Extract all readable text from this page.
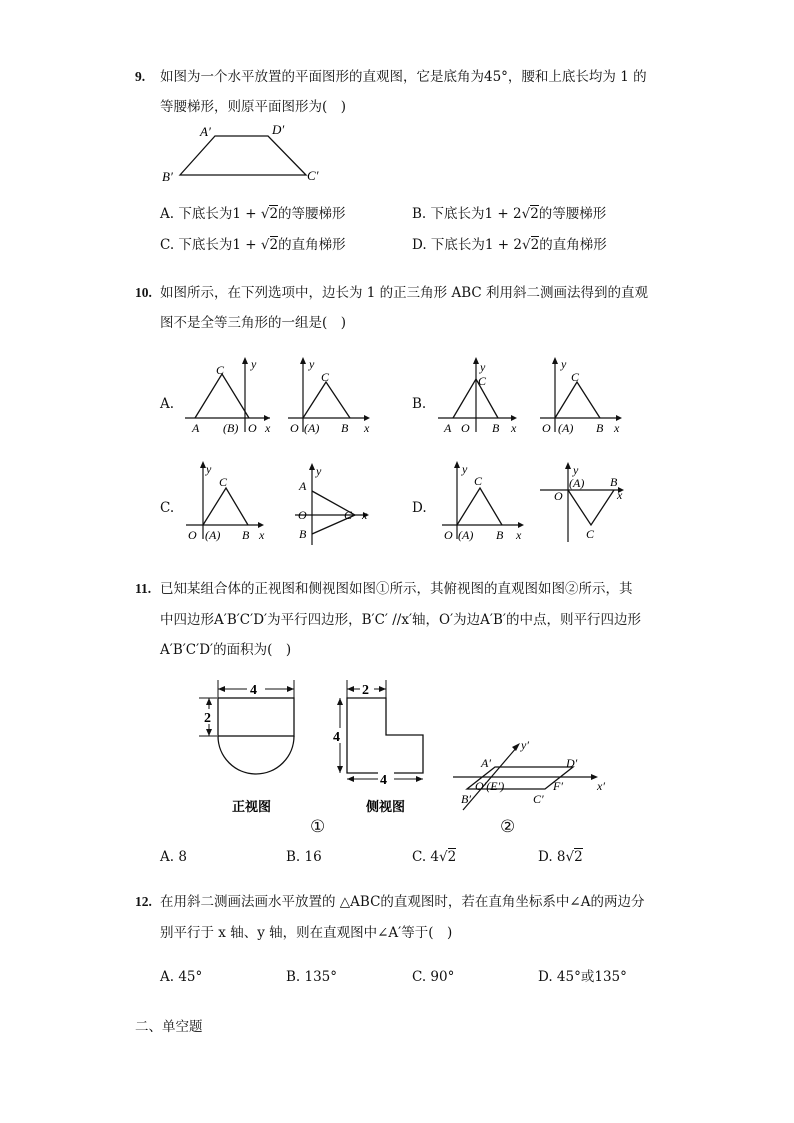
9. 如图为一个水平放置的平面图形的直观图，它是底角为45°，腰和上底长均为 1 的
等腰梯形，则原平面图形为(　)
A′	D′
B′	C′
A. 下底长为1 + √2的等腰梯形	B. 下底长为1 + 2√2的等腰梯形
C. 下底长为1 + √2的直角梯形	D. 下底长为1 + 2√2的直角梯形
10. 如图所示，在下列选项中，边长为 1 的正三角形 ABC 利用斜二测画法得到的直观
图不是全等三角形的一组是(　)
A.	B.
C.	D.
C y
A (B) O x
C
y
O (A) B x
C
y
A O B x
C
y
O (A) B x
C
y
O (A) B x
y
A
O	C x
B
C
y
O (A) B x
y
(A) B
x
O
C
11. 已知某组合体的正视图和侧视图如图①所示，其俯视图的直观图如图②所示，其
中四边形A′B′C′D′为平行四边形，B′C′ //x′轴，O′为边A′B′的中点，则平行四边形
A′B′C′D′的面积为(　)
4
2
正视图
2
4
4
侧视图
y′
A′	D′
x′
O′(E′)	F′
B′	C′
①	②
A. 8	B. 16	C. 4√2	D. 8√2
12. 在用斜二测画法画水平放置的 △ABC的直观图时，若在直角坐标系中∠A的两边分
别平行于 x 轴、y 轴，则在直观图中∠A′等于(　)
A. 45°	B. 135°	C. 90°	D. 45°或135°
二、单空题
